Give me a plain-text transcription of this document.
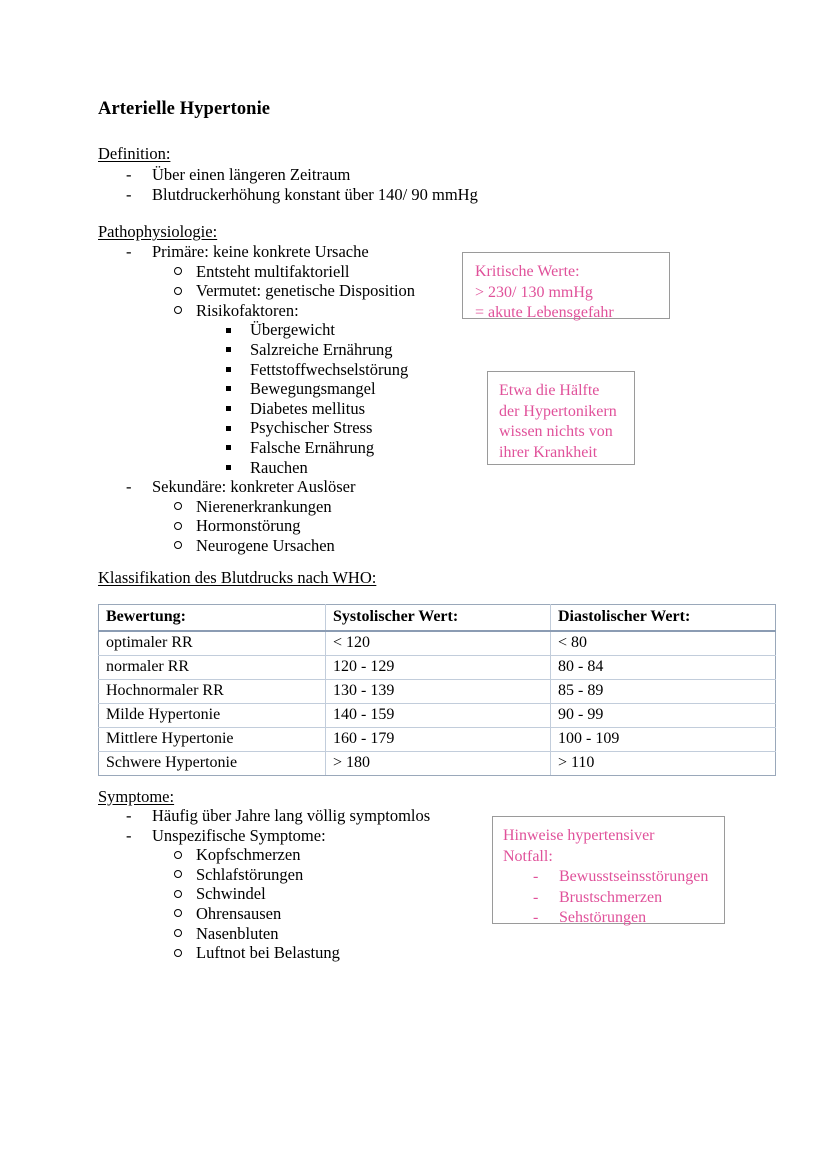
Arterielle Hypertonie
Definition:
- Über einen längeren Zeitraum
- Blutdruckerhöhung konstant über 140/ 90 mmHg
Pathophysiologie:
- Primäre: keine konkrete Ursache
Entsteht multifaktoriell
Vermutet: genetische Disposition
Risikofaktoren:
Übergewicht
Salzreiche Ernährung
Fettstoffwechselstörung
Bewegungsmangel
Diabetes mellitus
Psychischer Stress
Falsche Ernährung
Rauchen
- Sekundäre: konkreter Auslöser
Nierenerkrankungen
Hormonstörung
Neurogene Ursachen
Kritische Werte:
> 230/ 130 mmHg
= akute Lebensgefahr
Etwa die Hälfte
der Hypertonikern
wissen nichts von
ihrer Krankheit
Klassifikation des Blutdrucks nach WHO:
Bewertung:	Systolischer Wert:	Diastolischer Wert:
optimaler RR	< 120	< 80
normaler RR	120 - 129	80 - 84
Hochnormaler RR	130 - 139	85 - 89
Milde Hypertonie	140 - 159	90 - 99
Mittlere Hypertonie	160 - 179	100 - 109
Schwere Hypertonie	> 180	> 110
Symptome:
- Häufig über Jahre lang völlig symptomlos
- Unspezifische Symptome:
Kopfschmerzen
Schlafstörungen
Schwindel
Ohrensausen
Nasenbluten
Luftnot bei Belastung
Hinweise hypertensiver
Notfall:
- Bewusstseinsstörungen
- Brustschmerzen
- Sehstörungen
